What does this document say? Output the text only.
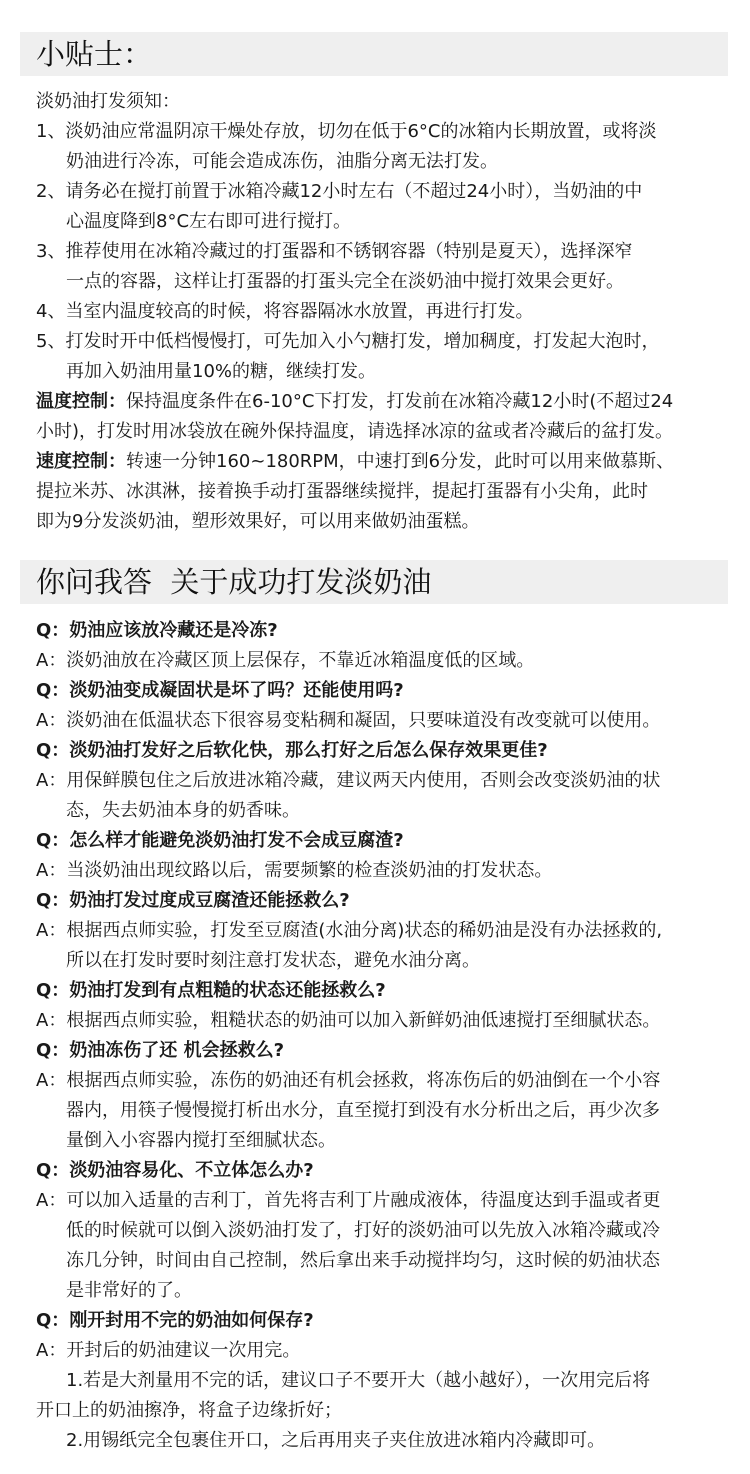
小贴士：
淡奶油打发须知：
1、淡奶油应常温阴凉干燥处存放，切勿在低于6°C的冰箱内长期放置，或将淡
奶油进行冷冻，可能会造成冻伤，油脂分离无法打发。
2、请务必在搅打前置于冰箱冷藏12小时左右（不超过24小时），当奶油的中
心温度降到8°C左右即可进行搅打。
3、推荐使用在冰箱冷藏过的打蛋器和不锈钢容器（特别是夏天），选择深窄
一点的容器，这样让打蛋器的打蛋头完全在淡奶油中搅打效果会更好。
4、当室内温度较高的时候，将容器隔冰水放置，再进行打发。
5、打发时开中低档慢慢打，可先加入小勺糖打发，增加稠度，打发起大泡时，
再加入奶油用量10%的糖，继续打发。
温度控制：保持温度条件在6-10°C下打发，打发前在冰箱冷藏12小时(不超过24
小时)，打发时用冰袋放在碗外保持温度，请选择冰凉的盆或者冷藏后的盆打发。
速度控制：转速一分钟160~180RPM，中速打到6分发，此时可以用来做慕斯、
提拉米苏、冰淇淋，接着换手动打蛋器继续搅拌，提起打蛋器有小尖角，此时
即为9分发淡奶油，塑形效果好，可以用来做奶油蛋糕。
你问我答  关于成功打发淡奶油
Q：奶油应该放冷藏还是冷冻?
A：淡奶油放在冷藏区顶上层保存，不靠近冰箱温度低的区域。
Q：淡奶油变成凝固状是坏了吗？还能使用吗?
A：淡奶油在低温状态下很容易变粘稠和凝固，只要味道没有改变就可以使用。
Q：淡奶油打发好之后软化快，那么打好之后怎么保存效果更佳?
A：用保鲜膜包住之后放进冰箱冷藏，建议两天内使用，否则会改变淡奶油的状
态，失去奶油本身的奶香味。
Q：怎么样才能避免淡奶油打发不会成豆腐渣?
A：当淡奶油出现纹路以后，需要频繁的检查淡奶油的打发状态。
Q：奶油打发过度成豆腐渣还能拯救么?
A：根据西点师实验，打发至豆腐渣(水油分离)状态的稀奶油是没有办法拯救的,
所以在打发时要时刻注意打发状态，避免水油分离。
Q：奶油打发到有点粗糙的状态还能拯救么?
A：根据西点师实验，粗糙状态的奶油可以加入新鲜奶油低速搅打至细腻状态。
Q：奶油冻伤了还 机会拯救么?
A：根据西点师实验，冻伤的奶油还有机会拯救，将冻伤后的奶油倒在一个小容
器内，用筷子慢慢搅打析出水分，直至搅打到没有水分析出之后，再少次多
量倒入小容器内搅打至细腻状态。
Q：淡奶油容易化、不立体怎么办?
A：可以加入适量的吉利丁，首先将吉利丁片融成液体，待温度达到手温或者更
低的时候就可以倒入淡奶油打发了，打好的淡奶油可以先放入冰箱冷藏或冷
冻几分钟，时间由自己控制，然后拿出来手动搅拌均匀，这时候的奶油状态
是非常好的了。
Q：刚开封用不完的奶油如何保存?
A：开封后的奶油建议一次用完。
1.若是大剂量用不完的话，建议口子不要开大（越小越好），一次用完后将
开口上的奶油擦净，将盒子边缘折好；
2.用锡纸完全包裹住开口，之后再用夹子夹住放进冰箱内冷藏即可。
